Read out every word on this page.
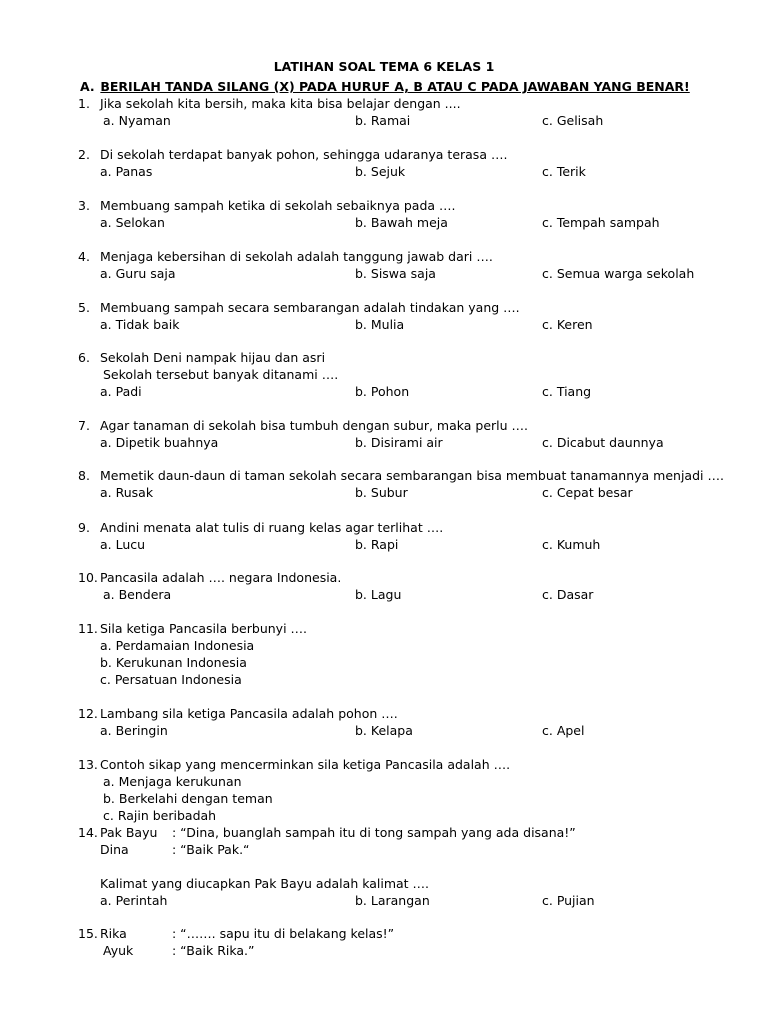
LATIHAN SOAL TEMA 6 KELAS 1
A. BERILAH TANDA SILANG (X) PADA HURUF A, B ATAU C PADA JAWABAN YANG BENAR!
1. Jika sekolah kita bersih, maka kita bisa belajar dengan ....
a. Nyaman	b. Ramai	c. Gelisah
2. Di sekolah terdapat banyak pohon, sehingga udaranya terasa ….
a. Panas	b. Sejuk	c. Terik
3. Membuang sampah ketika di sekolah sebaiknya pada ….
a. Selokan	b. Bawah meja	c. Tempah sampah
4. Menjaga kebersihan di sekolah adalah tanggung jawab dari ….
a. Guru saja	b. Siswa saja	c. Semua warga sekolah
5. Membuang sampah secara sembarangan adalah tindakan yang ….
a. Tidak baik	b. Mulia	c. Keren
6. Sekolah Deni nampak hijau dan asri
Sekolah tersebut banyak ditanami ….
a. Padi	b. Pohon	c. Tiang
7. Agar tanaman di sekolah bisa tumbuh dengan subur, maka perlu ….
a. Dipetik buahnya	b. Disirami air	c. Dicabut daunnya
8. Memetik daun-daun di taman sekolah secara sembarangan bisa membuat tanamannya menjadi ….
a. Rusak	b. Subur	c. Cepat besar
9. Andini menata alat tulis di ruang kelas agar terlihat ….
a. Lucu	b. Rapi	c. Kumuh
10. Pancasila adalah …. negara Indonesia.
a. Bendera	b. Lagu	c. Dasar
11. Sila ketiga Pancasila berbunyi ….
a. Perdamaian Indonesia
b. Kerukunan Indonesia
c. Persatuan Indonesia
12. Lambang sila ketiga Pancasila adalah pohon ….
a. Beringin	b. Kelapa	c. Apel
13. Contoh sikap yang mencerminkan sila ketiga Pancasila adalah ….
a. Menjaga kerukunan
b. Berkelahi dengan teman
c. Rajin beribadah
14. Pak Bayu : “Dina, buanglah sampah itu di tong sampah yang ada disana!”
Dina	: “Baik Pak.“
Kalimat yang diucapkan Pak Bayu adalah kalimat ….
a. Perintah	b. Larangan	c. Pujian
15. Rika	: “……. sapu itu di belakang kelas!”
Ayuk	: “Baik Rika.”
